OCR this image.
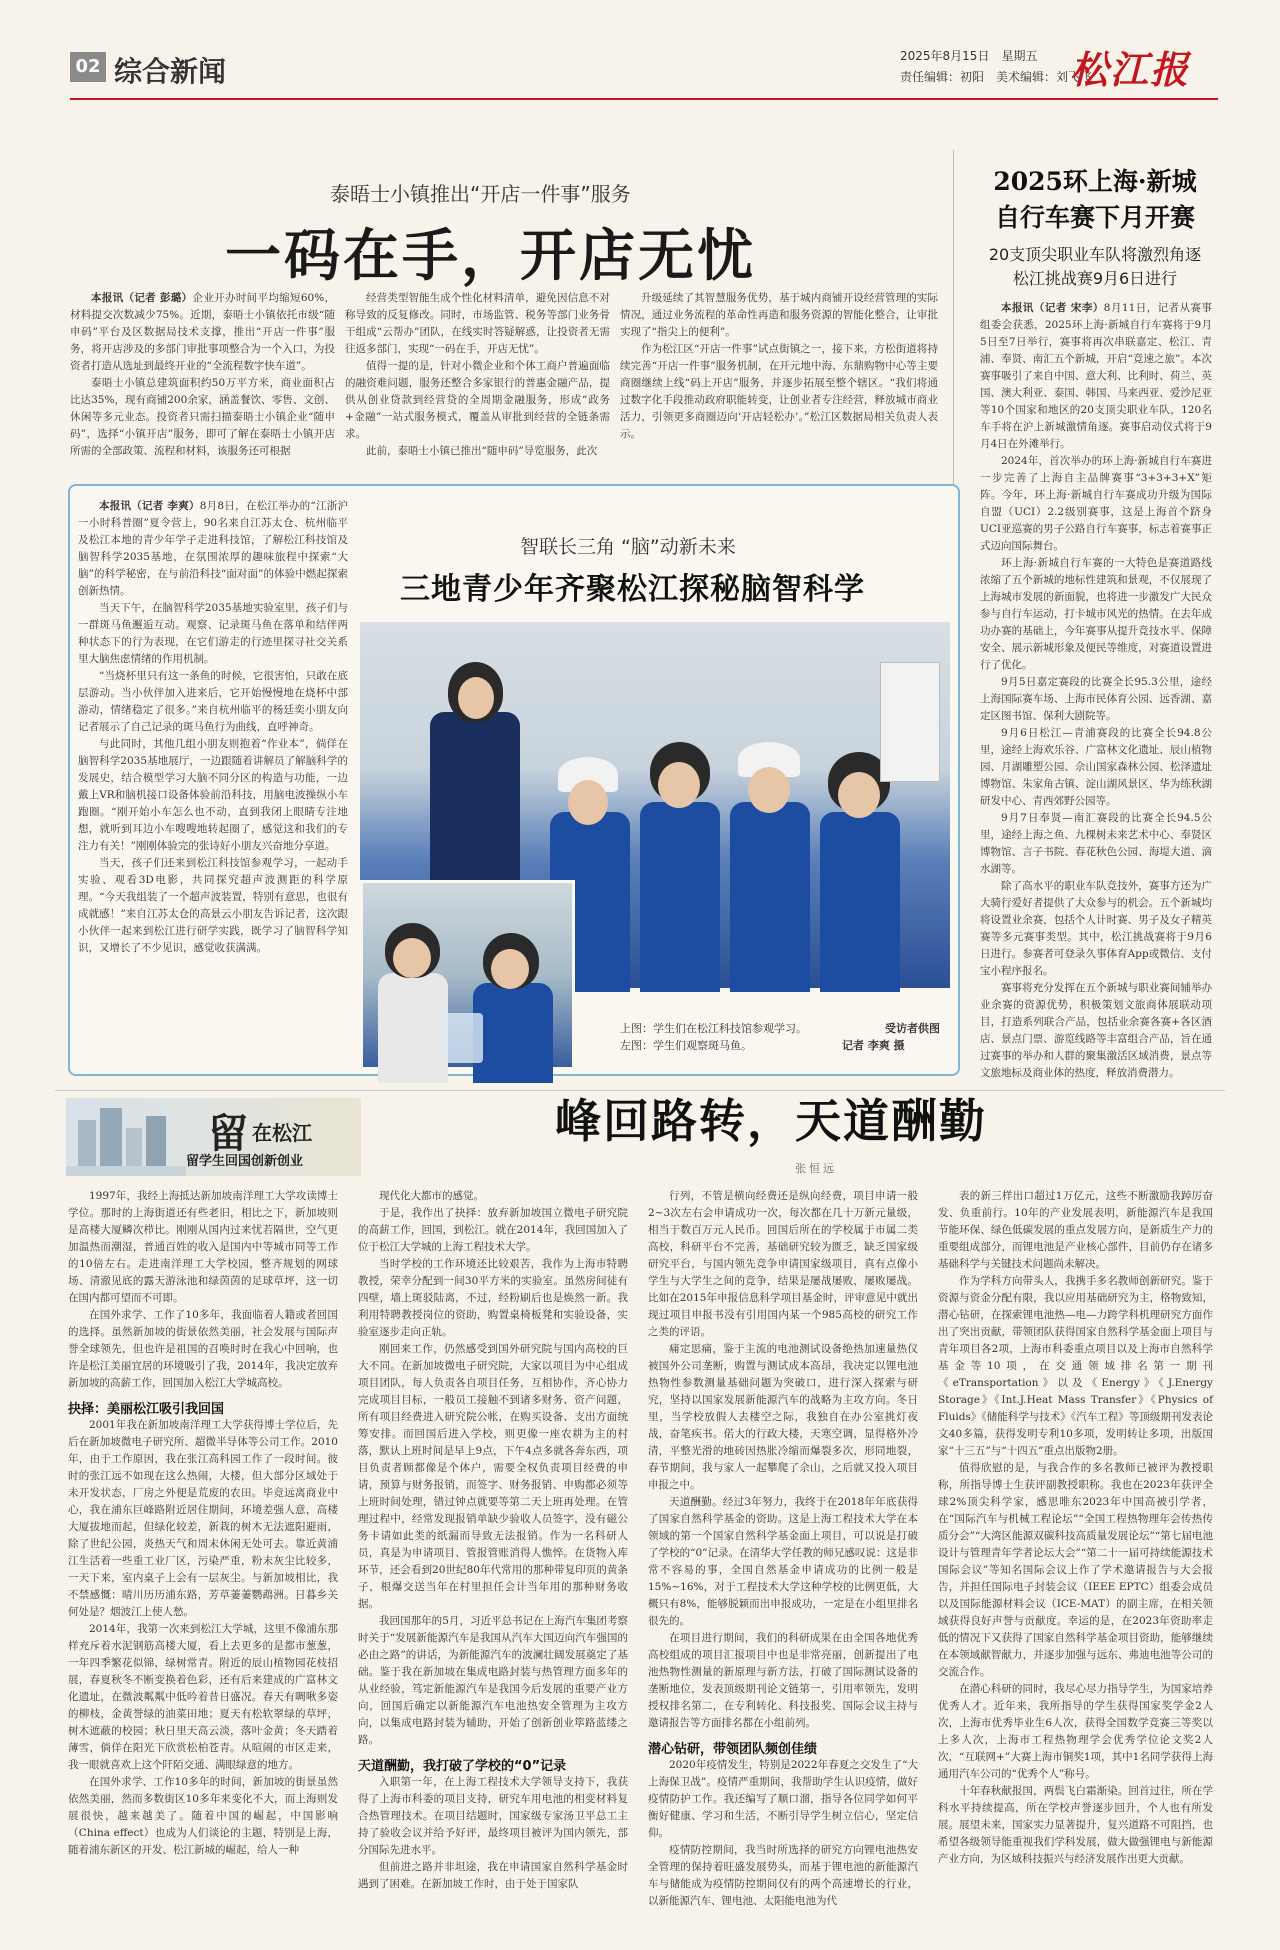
02 综合新闻	2025年8月15日　星期五
责任编辑：初阳　美术编辑：刘飞飞
松江报
泰晤士小镇推出“开店一件事”服务
一码在手，开店无忧

本报讯（记者 彭璐）企业开办时间平均缩短60%，材料提交次数减少75%。近期，泰晤士小镇依托市级“随申码”平台及区数据局技术支撑，推出“开店一件事”服务，将开店涉及的多部门审批事项整合为一个入口，为投资者打造从选址到最终开业的“全流程数字快车道”。

泰晤士小镇总建筑面积约50万平方米，商业面积占比达35%，现有商铺200余家，涵盖餐饮、零售、文创、休闲等多元业态。投资者只需扫描泰晤士小镇企业“随申码”，选择“小镇开店”服务，即可了解在泰晤士小镇开店所需的全部政策、流程和材料，该服务还可根据

经营类型智能生成个性化材料清单，避免因信息不对称导致的反复修改。同时，市场监管、税务等部门业务骨干组成“云帮办”团队，在线实时答疑解惑，让投资者无需往返多部门，实现“一码在手，开店无忧”。

值得一提的是，针对小微企业和个体工商户普遍面临的融资难问题，服务还整合多家银行的普惠金融产品，提供从创业贷款到经营贷的全周期金融服务，形成“政务+金融”一站式服务模式，覆盖从审批到经营的全链条需求。

此前，泰晤士小镇已推出“随申码”导览服务，此次

升级延续了其智慧服务优势，基于城内商铺开设经营管理的实际情况，通过业务流程的革命性再造和服务资源的智能化整合，让审批实现了“指尖上的便利”。

作为松江区“开店一件事”试点街镇之一，接下来，方松街道将持续完善“开店一件事”服务机制，在开元地中海、东鼎购物中心等主要商圈继续上线“码上开店”服务，并逐步拓展至整个辖区。“我们将通过数字化手段推动政府职能转变，让创业者专注经营，释放城市商业活力，引领更多商圈迈向‘开店轻松办’。”松江区数据局相关负责人表示。

2025环上海·新城
自行车赛下月开赛
20支顶尖职业车队将激烈角逐
松江挑战赛9月6日进行

本报讯（记者 宋李）8月11日，记者从赛事组委会获悉，2025环上海·新城自行车赛将于9月5日至7日举行，赛事将再次串联嘉定、松江、青浦、奉贤、南汇五个新城，开启“竞速之旅”。本次赛事吸引了来自中国、意大利、比利时、荷兰、英国、澳大利亚、泰国、韩国、马来西亚、爱沙尼亚等10个国家和地区的20支顶尖职业车队，120名车手将在沪上新城激情角逐。赛事启动仪式将于9月4日在外滩举行。

2024年，首次举办的环上海·新城自行车赛进一步完善了上海自主品牌赛事“3+3+3+X”矩阵。今年，环上海·新城自行车赛成功升级为国际自盟（UCI）2.2级别赛事，这是上海首个跻身UCI亚巡赛的男子公路自行车赛事，标志着赛事正式迈向国际舞台。

环上海·新城自行车赛的一大特色是赛道路线浓缩了五个新城的地标性建筑和景观，不仅展现了上海城市发展的新面貌，也将进一步激发广大民众参与自行车运动，打卡城市风光的热情。在去年成功办赛的基础上，今年赛事从提升竞技水平、保障安全、展示新城形象及便民等维度，对赛道设置进行了优化。

9月5日嘉定赛段的比赛全长95.3公里，途经上海国际赛车场、上海市民体育公园、远香湖、嘉定区图书馆、保利大剧院等。

9月6日松江—青浦赛段的比赛全长94.8公里，途经上海欢乐谷、广富林文化遗址、辰山植物园、月湖雕塑公园、佘山国家森林公园、松泽遗址博物馆、朱家角古镇、淀山湖风景区、华为练秋湖研发中心、青西郊野公园等。

9月7日奉贤—南汇赛段的比赛全长94.5公里，途经上海之鱼、九棵树未来艺术中心、奉贤区博物馆、言子书院、春花秋色公园、海堤大道、滴水湖等。

除了高水平的职业车队竞技外，赛事方还为广大骑行爱好者提供了大众参与的机会。五个新城均将设置业余赛，包括个人计时赛、男子及女子精英赛等多元赛事类型。其中，松江挑战赛将于9月6日进行。参赛者可登录久事体育App或微信、支付宝小程序报名。

赛事将充分发挥在五个新城与职业赛间辅举办业余赛的资源优势，积极策划文旅商体展联动项目，打造系列联合产品，包括业余赛各赛+各区酒店、景点门票、游览线路等丰富组合产品，旨在通过赛事的举办和人群的聚集激活区域消费，景点等文旅地标及商业体的热度，释放消费潜力。

本报讯（记者 李爽）8月8日，在松江举办的“江浙沪一小时科普圈”夏令营上，90名来自江苏太仓、杭州临平及松江本地的青少年学子走进科技馆，了解松江科技馆及脑智科学2035基地，在氛围浓厚的趣味旅程中探索“大脑”的科学秘密，在与前沿科技“面对面”的体验中燃起探索创新热情。

当天下午，在脑智科学2035基地实验室里，孩子们与一群斑马鱼邂逅互动。观察、记录斑马鱼在落单和结伴两种状态下的行为表现，在它们游走的行迹里探寻社交关系里大脑焦虑情绪的作用机制。

“当烧杯里只有这一条鱼的时候，它很害怕，只敢在底层游动。当小伙伴加入进来后，它开始慢慢地在烧杯中部游动，情绪稳定了很多。”来自杭州临平的杨廷奕小朋友向记者展示了自己记录的斑马鱼行为曲线，直呼神奇。

与此同时，其他几组小朋友则抱着“作业本”，倘佯在脑智科学2035基地展厅，一边跟随着讲解员了解脑科学的发展史，结合模型学习大脑不同分区的构造与功能，一边戴上VR和脑机接口设备体验前沿科技，用脑电波操纵小车跑圈。“刚开始小车怎么也不动，直到我闭上眼睛专注地想，就听到耳边小车嗖嗖地转起圈了，感觉这和我们的专注力有关！”刚刚体验完的张诗好小朋友兴奋地分享道。

当天，孩子们还来到松江科技馆参观学习，一起动手实验、观看3D电影，共同探究超声波测距的科学原理。“今天我组装了一个超声波装置，特别有意思，也很有成就感！”来自江苏太仓的高景云小朋友告诉记者，这次跟小伙伴一起来到松江进行研学实践，既学习了脑智科学知识，又增长了不少见识，感觉收获满满。

智联长三角 “脑”动新未来
三地青少年齐聚松江探秘脑智科学
上图：学生们在松江科技馆参观学习。
左图：学生们观察斑马鱼。
受访者供图
记者 李爽 摄
留 在松江
留学生回国创新创业
峰回路转，天道酬勤
张恒远

1997年，我经上海抵达新加坡南洋理工大学攻读博士学位。那时的上海街道还有些老旧，相比之下，新加坡则是高楼大厦鳞次栉比。刚刚从国内过来忧若隔世，空气更加温热而潮湿，普通百姓的收入是国内中等城市同等工作的10倍左右。走进南洋理工大学校园，整齐规划的网球场、清澈见底的露天游泳池和绿茵茵的足球草坪，这一切在国内都可望而不可即。

在国外求学、工作了10多年，我面临着人籍或者回国的选择。虽然新加坡的街景依然美丽，社会发展与国际声誉全球领先，但也许是祖国的召唤时时在我心中回响，也许是松江美丽宜居的环境吸引了我，2014年，我决定放弃新加坡的高薪工作，回国加入松江大学城高校。

抉择：美丽松江吸引我回国

2001年我在新加坡南洋理工大学获得博士学位后，先后在新加坡微电子研究所、超微半导体等公司工作。2010年，由于工作原因，我在张江高科园工作了一段时间。彼时的张江远不如现在这么热闹，大楼，但大部分区域处于未开发状态，厂房之外便是荒废的农田。毕竟远离商业中心，我在浦东巨峰路附近居住期间，环境差强人意，高楼大厦拔地而起，但绿化较差，新栽的树木无法遮阳避雨，除了世纪公园，炎热天气和周末休闲无处可去。靠近黄浦江生活着一些重工业厂区，污染严重，粉末灰尘比较多，一天下来，室内桌子上会有一层灰尘。与新加坡相比，我不禁感慨：晴川历历浦东路，芳草萋萋鹦鹉洲。日暮乡关何处是？烟波江上使人愁。

2014年，我第一次来到松江大学城，这里不像浦东那样充斥着水泥钢筋高楼大厦，看上去更多的是都市葱葱，一年四季繁花似锦，绿树常青。附近的辰山植物园花枝招展，春夏秋冬不断变换着色彩，还有后来建成的广富林文化遗址，在微波粼粼中低吟着昔日盛况。春天有啁啾多姿的柳枝，金黄誉绿的油菜田地；夏天有松软翠绿的草坪，树木遮蔽的校园；秋日里天高云淡，落叶金黄；冬天踏着薄雪，倘佯在阳光下欣赏松柏苍青。从喧闹的市区走来，我一眼就喜欢上这个阡陌交通、满眼绿意的地方。

在国外求学、工作10多年的时间，新加坡的街景虽然依然美丽，然而多数街区10多年来变化不大，而上海则发展很快，越来越美了。随着中国的崛起，中国影响（China effect）也成为人们谈论的主题，特别是上海，随着浦东新区的开发、松江新城的崛起，给人一种

现代化大都市的感觉。

于是，我作出了抉择：放弃新加坡国立微电子研究院的高薪工作，回国，到松江。就在2014年，我回国加入了位于松江大学城的上海工程技术大学。

当时学校的工作环境还比较艰苦，我作为上海市特聘教授，荣幸分配到一间30平方米的实验室。虽然房间徒有四壁，墙上斑驳陆离，不过，经粉刷后也是焕然一新。我利用特聘教授岗位的资助，购置桌椅板凳和实验设备，实验室逐步走向正轨。

刚回来工作，仍然感受到国外研究院与国内高校的巨大不同。在新加坡微电子研究院，大家以项目为中心组成项目团队，每人负责各自项目任务，互相协作，齐心协力完成项目目标，一般员工接触不到诸多财务、资产问题，所有项目经费进入研究院公帐，在购买设备、支出方面统筹安排。而回国后进入学校，则更像一座农耕为主的村落，默认上班时间是早上9点，下午4点多就各奔东西，项目负责者顾都像是个体户，需要全权负责项目经费的申请，预算与财务报销，而签字、财务报销、申购都必须等上班时间处理，错过钟点就要等第二天上班再处理。在管理过程中，经常发现报销单缺少验收人员签字，没有磁公务卡请如此类的纸漏而导致无法报销。作为一名科研人员，真是为申请项目、管报管账消得人憔悴。在货物入库环节，还会看到20世纪80年代常用的那种带复印页的黄条子，根爆交送当年在村里担任会计当年用的那种财务收据。

我回国那年的5月，习近平总书记在上海汽车集团考察时关于“发展新能源汽车是我国从汽车大国迈向汽车强国的必由之路”的讲话，为新能源汽车的波澜壮阔发展奠定了基础。鉴于我在新加坡在集成电路封装与热管理方面多年的从业经验，笃定新能源汽车是我国今后发展的重要产业方向，回国后确定以新能源汽车电池热安全管理为主攻方向，以集成电路封装为辅助，开始了创新创业筚路蓝缕之路。

天道酬勤，我打破了学校的“0”记录

入职第一年，在上海工程技术大学领导支持下，我获得了上海市科委的项目支持，研究车用电池的相变材料复合热管理技术。在项目结题时，国家级专家汤卫平总工主持了验收会议并给予好评，最终项目被评为国内领先，部分国际先进水平。

但前进之路并非坦途，我在申请国家自然科学基金时遇到了困难。在新加坡工作时，由于处于国家队

行列，不管是横向经费还是纵向经费，项目申请一般2~3次左右会申请成功一次，每次都在几十万新元量级，相当于数百万元人民币。回国后所在的学校属于市属二类高校，科研平台不完善，基础研究较为匮乏，缺乏国家级研究平台，与国内领先竞争申请国家级项目，真有点像小学生与大学生之间的竞争，结果是屡战屡败，屡败屡战。比如在2015年申报信息科学项目基金时，评审意见中就出现过项目申报书没有引用国内某一个985高校的研究工作之类的评语。

痛定思痛，鉴于主流的电池测试设备绝热加速量热仪被国外公司垄断，购置与测试成本高昂，我决定以锂电池热物性参数测量基础问题为突破口，进行深入探索与研究，坚持以国家发展新能源汽车的战略为主攻方向。冬日里，当学校放假人去楼空之际，我独自在办公室挑灯夜战，奋笔疾书。偌大的行政大楼，天寒空调，显得格外冷清，平整光滑的地砖因热胀冷缩而爆裂多次，形同地裂，春节期间，我与家人一起攀爬了佘山，之后就又投入项目申报之中。

天道酬勤。经过3年努力，我终于在2018年年底获得了国家自然科学基金的资助。这是上海工程技术大学在本领域的第一个国家自然科学基金面上项目，可以说是打破了学校的“0”记录。在清华大学任教的师兄感叹说：这是非常不容易的事，全国自然基金申请成功的比例一般是15%~16%，对于工程技术大学这种学校的比例更低，大概只有8%，能够脱颖而出申报成功，一定是在小组里排名很先的。

在项目进行期间，我们的科研成果在由全国各地优秀高校组成的项目汇报项目中也是非常亮丽，创新提出了电池热物性测量的新原理与新方法，打破了国际测试设备的垄断地位，发表顶级期刊论文链第一，引用率领先，发明授权排名第二，在专利转化、科技报奖、国际会议主持与邀请报告等方面排名都在小组前列。

潜心钻研，带领团队频创佳绩

2020年疫情发生，特别是2022年春夏之交发生了“大上海保卫战”。疫情严重期间，我帮助学生认识疫情，做好疫情防护工作。我还编写了顺口溜，指导各位同学如何平衡好健康、学习和生活，不断引导学生树立信心，坚定信仰。

疫情防控期间，我当时所选择的研究方向锂电池热安全管理的保持着旺盛发展势头，而基于锂电池的新能源汽车与储能成为疫情防控期间仅有的两个高速增长的行业，以新能源汽车、锂电池、太阳能电池为代

表的新三样出口超过1万亿元，这些不断激励我踔厉奋发、负重前行。10年的产业发展表明，新能源汽车是我国节能环保、绿色低碳发展的重点发展方向，是新质生产力的重要组成部分，而锂电池是产业核心部件，目前仍存在诸多基础科学与关键技术问题尚未解决。

作为学科方向带头人，我携手多名教师创新研究。鉴于资源与资金分配有限，我以应用基础研究为主，格物致知，潜心钻研，在探索锂电池热—电—力跨学科机理研究方面作出了突出贡献，带领团队获得国家自然科学基金面上项目与青年项目各2项，上海市科委重点项目以及上海市自然科学基金等10项，在交通领域排名第一期刊《eTransportation》以及《Energy》《J.Energy Storage》《Int.J.Heat Mass Transfer》《Physics of Fluids》《储能科学与技术》《汽车工程》等顶级期刊发表论文40多篇，获得发明专利10多项，发明转让多项，出版国家“十三五”与“十四五”重点出版物2册。

值得欣慰的是，与我合作的多名教师已被评为教授职称，所指导博士生获评副教授职称。我也在2023年获评全球2%顶尖科学家，感思唯东2023年中国高被引学者，在“国际汽车与机械工程论坛”“全国工程热物理年会传热传质分会”“大湾区能源双碳科技高质量发展论坛”“第七届电池设计与管理青年学者论坛大会”“第二十一届可持续能源技术国际会议”等知名国际会议上作了学术邀请报告与大会报告，并担任国际电子封装会议（IEEE EPTC）组委会成员以及国际能源材料会议（ICE-MAT）的副主席，在相关领域获得良好声誉与贡献度。幸运的是，在2023年资助率走低的情况下又获得了国家自然科学基金项目资助，能够继续在本领域献智献力，并逐步加强与远东、弗迪电池等公司的交流合作。

在潜心科研的同时，我尽心尽力指导学生，为国家培养优秀人才。近年来，我所指导的学生获得国家奖学金2人次，上海市优秀毕业生6人次，获得全国数学竞赛三等奖以上多人次，上海市工程热物理学会优秀学位论文奖2人次，“互联网+”大赛上海市铜奖1项，其中1名同学获得上海通用汽车公司的“优秀个人”称号。

十年春秋献报国，两鬓飞白霜渐染。回首过往，所在学科水平持续提高，所在学校声誉逐步回升，个人也有所发展。展望未来，国家实力显著提升，复兴道路不可阻挡，也希望各级领导能重视我们学科发展，做大做强锂电与新能源产业方向，为区域科技振兴与经济发展作出更大贡献。
